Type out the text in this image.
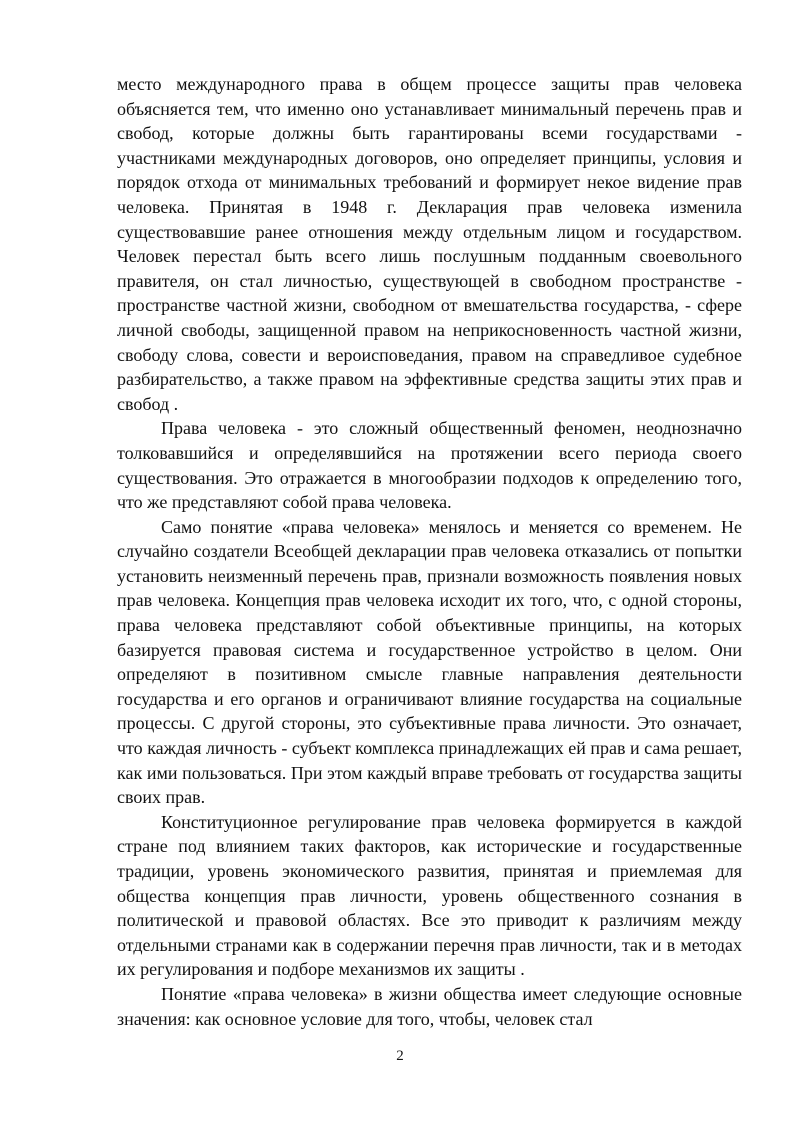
место международного права в общем процессе защиты прав человека объясняется тем, что именно оно устанавливает минимальный перечень прав и свобод, которые должны быть гарантированы всеми государствами - участниками международных договоров, оно определяет принципы, условия и порядок отхода от минимальных требований и формирует некое видение прав человека. Принятая в 1948 г. Декларация прав человека изменила существовавшие ранее отношения между отдельным лицом и государством. Человек перестал быть всего лишь послушным подданным своевольного правителя, он стал личностью, существующей в свободном пространстве - пространстве частной жизни, свободном от вмешательства государства, - сфере личной свободы, защищенной правом на неприкосновенность частной жизни, свободу слова, совести и вероисповедания, правом на справедливое судебное разбирательство, а также правом на эффективные средства защиты этих прав и свобод .

Права человека - это сложный общественный феномен, неоднозначно толковавшийся и определявшийся на протяжении всего периода своего существования. Это отражается в многообразии подходов к определению того, что же представляют собой права человека.

Само понятие «права человека» менялось и меняется со временем. Не случайно создатели Всеобщей декларации прав человека отказались от попытки установить неизменный перечень прав, признали возможность появления новых прав человека. Концепция прав человека исходит их того, что, с одной стороны, права человека представляют собой объективные принципы, на которых базируется правовая система и государственное устройство в целом. Они определяют в позитивном смысле главные направления деятельности государства и его органов и ограничивают влияние государства на социальные процессы. С другой стороны, это субъективные права личности. Это означает, что каждая личность - субъект комплекса принадлежащих ей прав и сама решает, как ими пользоваться. При этом каждый вправе требовать от государства защиты своих прав.

Конституционное регулирование прав человека формируется в каждой стране под влиянием таких факторов, как исторические и государственные традиции, уровень экономического развития, принятая и приемлемая для общества концепция прав личности, уровень общественного сознания в политической и правовой областях. Все это приводит к различиям между отдельными странами как в содержании перечня прав личности, так и в методах их регулирования и подборе механизмов их защиты .

Понятие «права человека» в жизни общества имеет следующие основные значения: как основное условие для того, чтобы, человек стал

2
